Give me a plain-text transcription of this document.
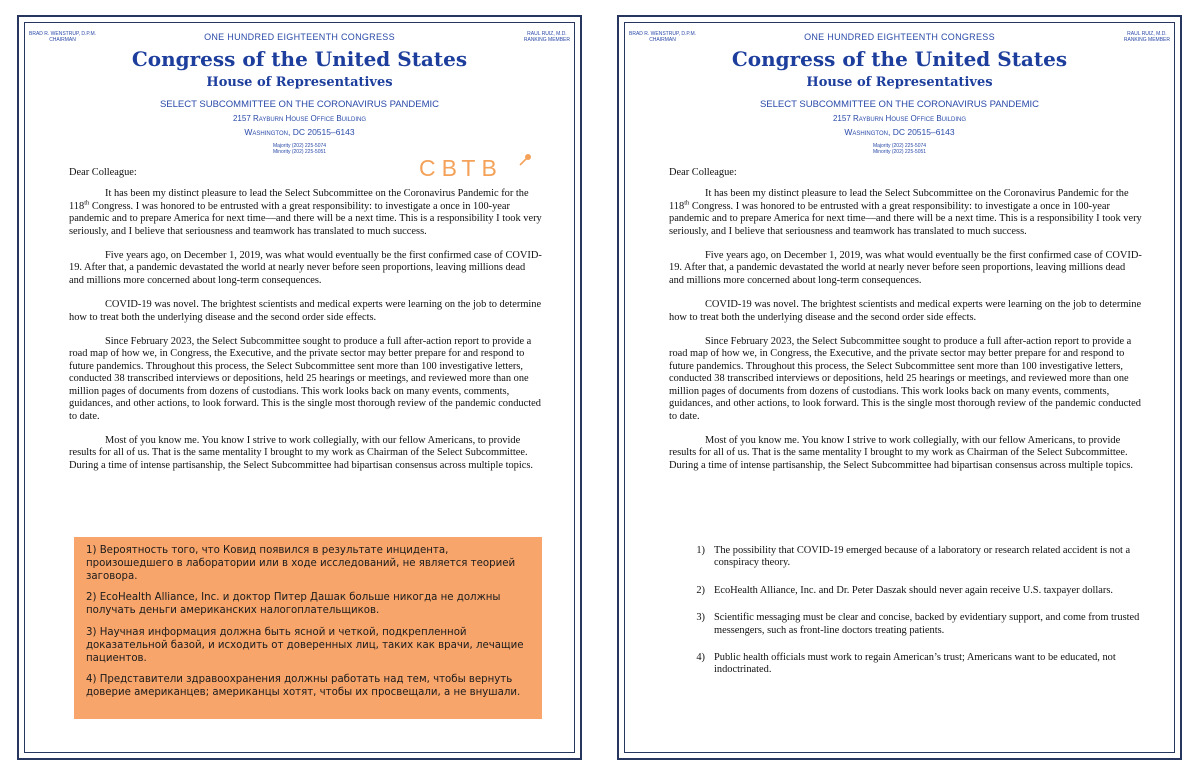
BRAD R. WENSTRUP, D.P.M.
CHAIRMAN	ONE HUNDRED EIGHTEENTH CONGRESS	RAUL RUIZ, M.D.
RANKING MEMBER
Congress of the United States
House of Representatives
SELECT SUBCOMMITTEE ON THE CORONAVIRUS PANDEMIC
2157 Rayburn House Office Building
Washington, DC 20515–6143
Majority (202) 225-5074
Minority (202) 225-5051
СВТВ

Dear Colleague:

It has been my distinct pleasure to lead the Select Subcommittee on the Coronavirus Pandemic for the 118th Congress. I was honored to be entrusted with a great responsibility: to investigate a once in 100-year pandemic and to prepare America for next time—and there will be a next time. This is a responsibility I took very seriously, and I believe that seriousness and teamwork has translated to much success.

Five years ago, on December 1, 2019, was what would eventually be the first confirmed case of COVID-19. After that, a pandemic devastated the world at nearly never before seen proportions, leaving millions dead and millions more concerned about long-term consequences.

COVID-19 was novel. The brightest scientists and medical experts were learning on the job to determine how to treat both the underlying disease and the second order side effects.

Since February 2023, the Select Subcommittee sought to produce a full after-action report to provide a road map of how we, in Congress, the Executive, and the private sector may better prepare for and respond to future pandemics. Throughout this process, the Select Subcommittee sent more than 100 investigative letters, conducted 38 transcribed interviews or depositions, held 25 hearings or meetings, and reviewed more than one million pages of documents from dozens of custodians. This work looks back on many events, comments, guidances, and other actions, to look forward. This is the single most thorough review of the pandemic conducted to date.

Most of you know me. You know I strive to work collegially, with our fellow Americans, to provide results for all of us. That is the same mentality I brought to my work as Chairman of the Select Subcommittee. During a time of intense partisanship, the Select Subcommittee had bipartisan consensus across multiple topics.

1) Вероятность того, что Ковид появился в результате инцидента, произошедшего в лаборатории или в ходе исследований, не является теорией заговора.

2) EcoHealth Alliance, Inc. и доктор Питер Дашак больше никогда не должны получать деньги американских налогоплательщиков.

3) Научная информация должна быть ясной и четкой, подкрепленной доказательной базой, и исходить от доверенных лиц, таких как врачи, лечащие пациентов.

4) Представители здравоохранения должны работать над тем, чтобы вернуть доверие американцев; американцы хотят, чтобы их просвещали, а не внушали.

BRAD R. WENSTRUP, D.P.M.
CHAIRMAN	ONE HUNDRED EIGHTEENTH CONGRESS	RAUL RUIZ, M.D.
RANKING MEMBER
Congress of the United States
House of Representatives
SELECT SUBCOMMITTEE ON THE CORONAVIRUS PANDEMIC
2157 Rayburn House Office Building
Washington, DC 20515–6143
Majority (202) 225-5074
Minority (202) 225-5051

Dear Colleague:

It has been my distinct pleasure to lead the Select Subcommittee on the Coronavirus Pandemic for the 118th Congress. I was honored to be entrusted with a great responsibility: to investigate a once in 100-year pandemic and to prepare America for next time—and there will be a next time. This is a responsibility I took very seriously, and I believe that seriousness and teamwork has translated to much success.

Five years ago, on December 1, 2019, was what would eventually be the first confirmed case of COVID-19. After that, a pandemic devastated the world at nearly never before seen proportions, leaving millions dead and millions more concerned about long-term consequences.

COVID-19 was novel. The brightest scientists and medical experts were learning on the job to determine how to treat both the underlying disease and the second order side effects.

Since February 2023, the Select Subcommittee sought to produce a full after-action report to provide a road map of how we, in Congress, the Executive, and the private sector may better prepare for and respond to future pandemics. Throughout this process, the Select Subcommittee sent more than 100 investigative letters, conducted 38 transcribed interviews or depositions, held 25 hearings or meetings, and reviewed more than one million pages of documents from dozens of custodians. This work looks back on many events, comments, guidances, and other actions, to look forward. This is the single most thorough review of the pandemic conducted to date.

Most of you know me. You know I strive to work collegially, with our fellow Americans, to provide results for all of us. That is the same mentality I brought to my work as Chairman of the Select Subcommittee. During a time of intense partisanship, the Select Subcommittee had bipartisan consensus across multiple topics.

1) The possibility that COVID-19 emerged because of a laboratory or research related accident is not a conspiracy theory.
2) EcoHealth Alliance, Inc. and Dr. Peter Daszak should never again receive U.S. taxpayer dollars.
3) Scientific messaging must be clear and concise, backed by evidentiary support, and come from trusted messengers, such as front-line doctors treating patients.
4) Public health officials must work to regain American’s trust; Americans want to be educated, not indoctrinated.
